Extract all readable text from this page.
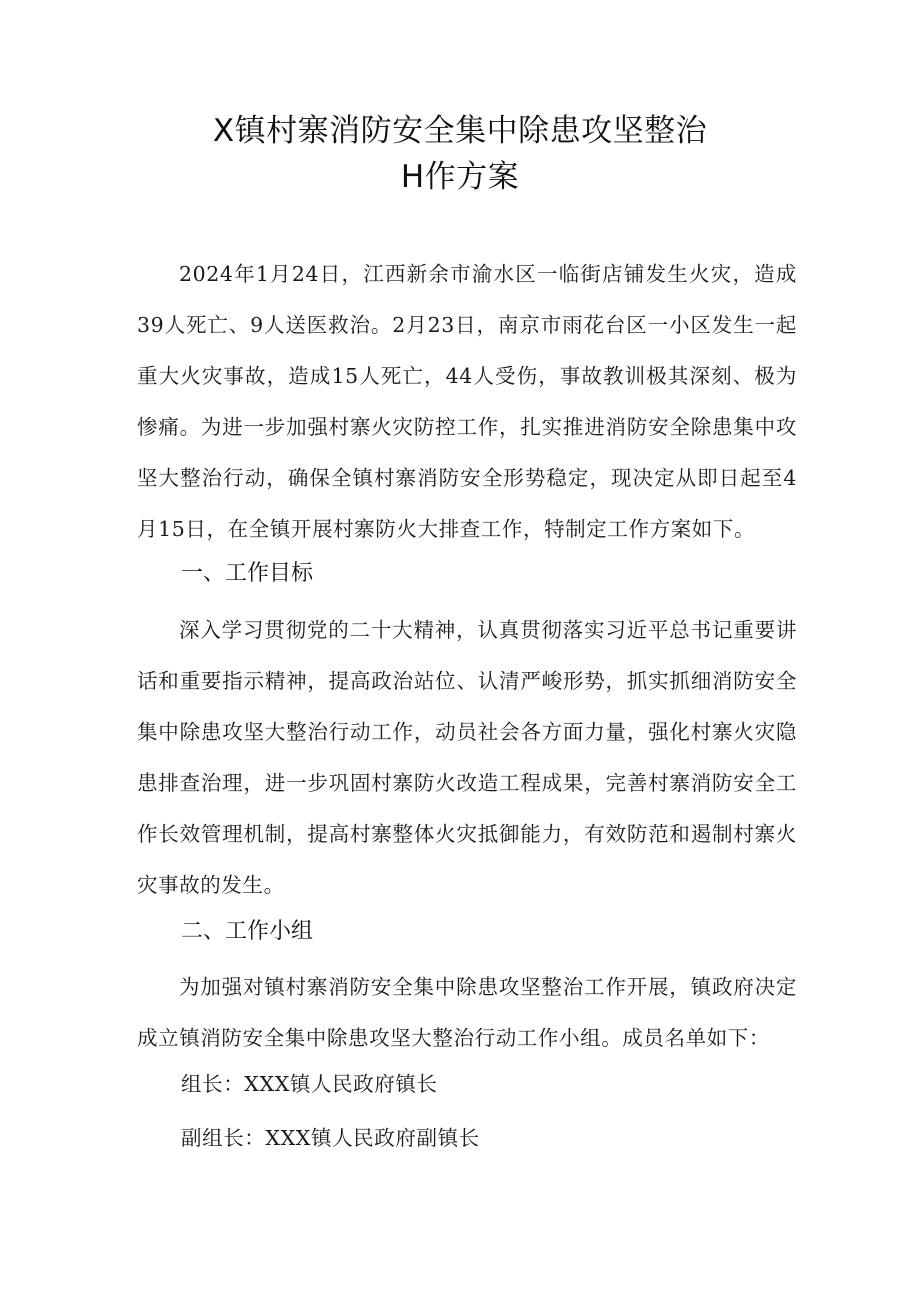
X镇村寨消防安全集中除患攻坚整治
H作方案

2024年1月24日，江西新余市渝水区一临街店铺发生火灾，造成39人死亡、9人送医救治。2月23日，南京市雨花台区一小区发生一起重大火灾事故，造成15人死亡，44人受伤，事故教训极其深刻、极为惨痛。为进一步加强村寨火灾防控工作，扎实推进消防安全除患集中攻坚大整治行动，确保全镇村寨消防安全形势稳定，现决定从即日起至4月15日，在全镇开展村寨防火大排查工作，特制定工作方案如下。

一、工作目标

深入学习贯彻党的二十大精神，认真贯彻落实习近平总书记重要讲话和重要指示精神，提高政治站位、认清严峻形势，抓实抓细消防安全集中除患攻坚大整治行动工作，动员社会各方面力量，强化村寨火灾隐患排查治理，进一步巩固村寨防火改造工程成果，完善村寨消防安全工作长效管理机制，提高村寨整体火灾抵御能力，有效防范和遏制村寨火灾事故的发生。

二、工作小组

为加强对镇村寨消防安全集中除患攻坚整治工作开展，镇政府决定成立镇消防安全集中除患攻坚大整治行动工作小组。成员名单如下：

组长：XXX镇人民政府镇长

副组长：XXX镇人民政府副镇长
